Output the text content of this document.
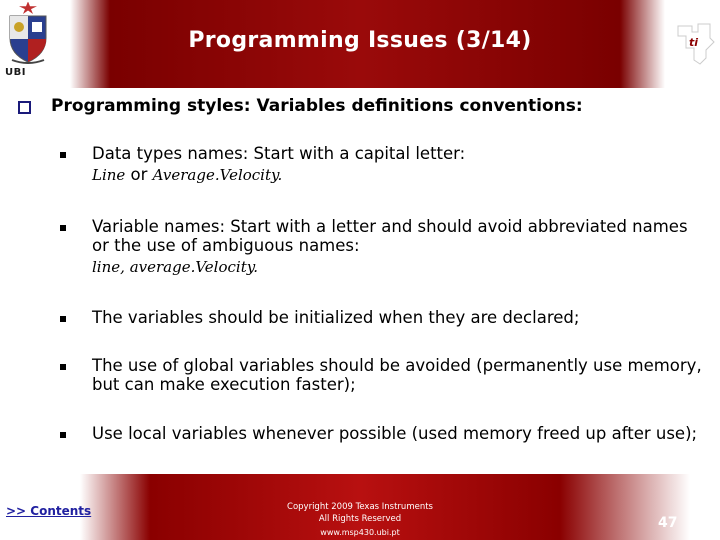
UBI
Programming Issues (3/14)	ti
Programming styles: Variables definitions conventions:
Data types names: Start with a capital letter:
Line or Average.Velocity.
Variable names: Start with a letter and should avoid abbreviated names or the use of ambiguous names:
line, average.Velocity.
The variables should be initialized when they are declared;
The use of global variables should be avoided (permanently use memory, but can make execution faster);
Use local variables whenever possible (used memory freed up after use);
>> Contents	Copyright 2009 Texas Instruments
All Rights Reserved
www.msp430.ubi.pt
47
